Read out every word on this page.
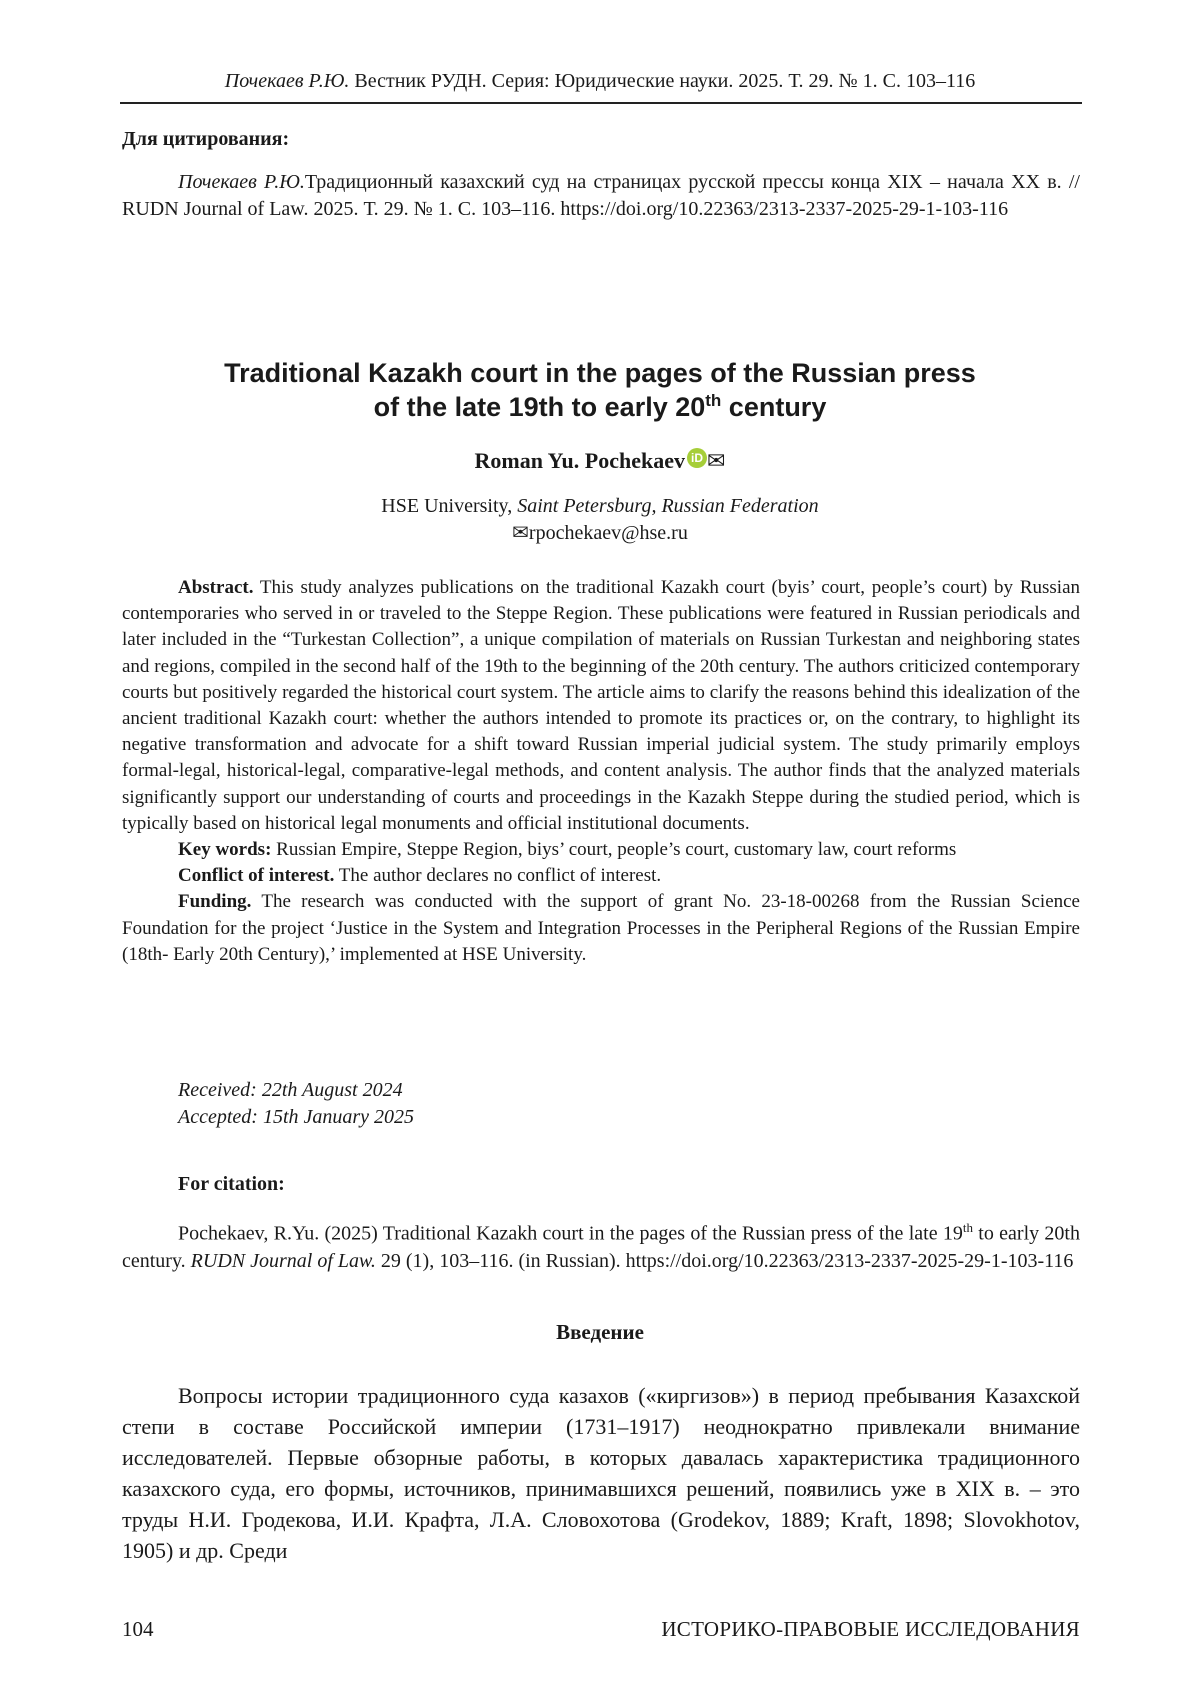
Почекаев Р.Ю. Вестник РУДН. Серия: Юридические науки. 2025. Т. 29. № 1. С. 103–116
Для цитирования:
Почекаев Р.Ю.Традиционный казахский суд на страницах русской прессы конца XIX – начала XX в. // RUDN Journal of Law. 2025. Т. 29. № 1. С. 103–116. https://doi.org/10.22363/2313-2337-2025-29-1-103-116
Traditional Kazakh court in the pages of the Russian press
of the late 19th to early 20th century
Roman Yu. Pochekaev iD ✉
HSE University, Saint Petersburg, Russian Federation
✉rpochekaev@hse.ru

Abstract. This study analyzes publications on the traditional Kazakh court (byis’ court, people’s court) by Russian contemporaries who served in or traveled to the Steppe Region. These publications were featured in Russian periodicals and later included in the “Turkestan Collection”, a unique compilation of materials on Russian Turkestan and neighboring states and regions, compiled in the second half of the 19th to the beginning of the 20th century. The authors criticized contemporary courts but positively regarded the historical court system. The article aims to clarify the reasons behind this idealization of the ancient traditional Kazakh court: whether the authors intended to promote its practices or, on the contrary, to highlight its negative transformation and advocate for a shift toward Russian imperial judicial system. The study primarily employs formal-legal, historical-legal, comparative-legal methods, and content analysis. The author finds that the analyzed materials significantly support our understanding of courts and proceedings in the Kazakh Steppe during the studied period, which is typically based on historical legal monuments and official institutional documents.

Key words: Russian Empire, Steppe Region, biys’ court, people’s court, customary law, court reforms

Conflict of interest. The author declares no conflict of interest.

Funding. The research was conducted with the support of grant No. 23-18-00268 from the Russian Science Foundation for the project ‘Justice in the System and Integration Processes in the Peripheral Regions of the Russian Empire (18th- Early 20th Century),’ implemented at HSE University.

Received: 22th August 2024
Accepted: 15th January 2025
For citation:
Pochekaev, R.Yu. (2025) Traditional Kazakh court in the pages of the Russian press of the late 19th to early 20th century. RUDN Journal of Law. 29 (1), 103–116. (in Russian). https://doi.org/10.22363/2313-2337-2025-29-1-103-116
Введение
Вопросы истории традиционного суда казахов («киргизов») в период пребывания Казахской степи в составе Российской империи (1731–1917) неоднократно привлекали внимание исследователей. Первые обзорные работы, в которых давалась характеристика традиционного казахского суда, его формы, источников, принимавшихся решений, появились уже в XIX в. – это труды Н.И. Гродекова, И.И. Крафта, Л.А. Словохотова (Grodekov, 1889; Kraft, 1898; Slovokhotov, 1905) и др. Среди
104	ИСТОРИКО-ПРАВОВЫЕ ИССЛЕДОВАНИЯ
